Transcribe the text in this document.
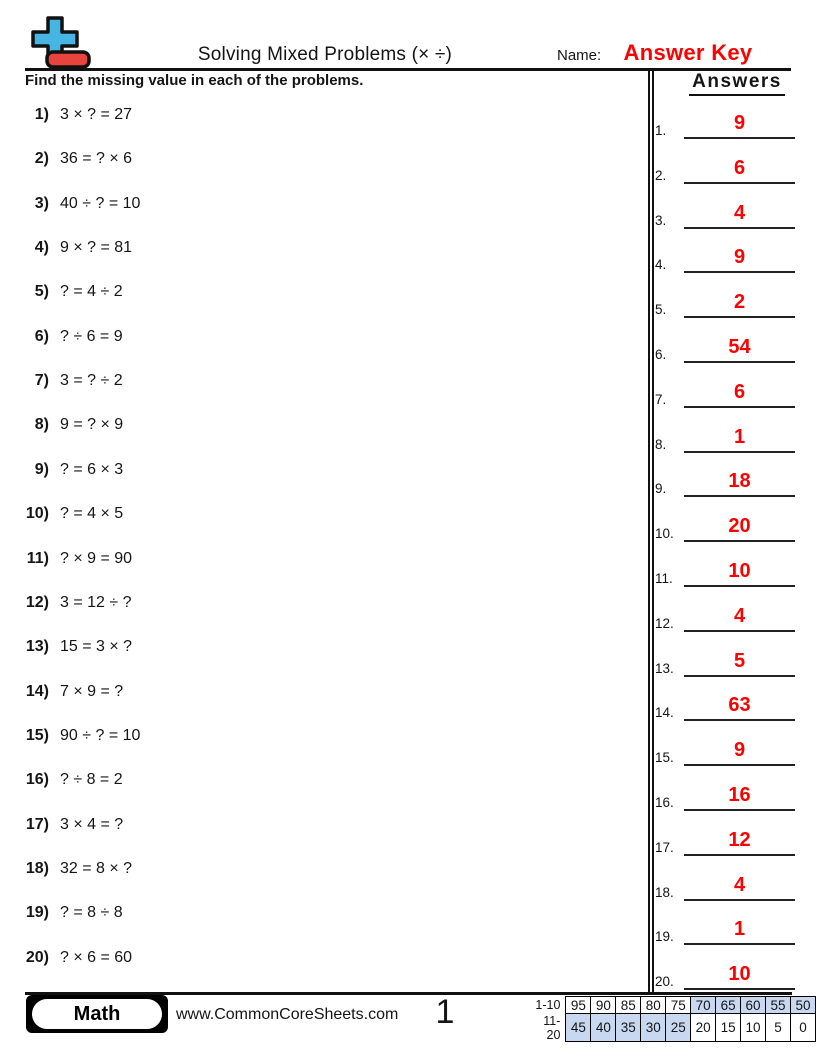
Solving Mixed Problems (× ÷)	Name: Answer Key
Find the missing value in each of the problems.
1) 3 × ? = 27
2) 36 = ? × 6
3) 40 ÷ ? = 10
4) 9 × ? = 81
5) ? = 4 ÷ 2
6) ? ÷ 6 = 9
7) 3 = ? ÷ 2
8) 9 = ? × 9
9) ? = 6 × 3
10) ? = 4 × 5
11) ? × 9 = 90
12) 3 = 12 ÷ ?
13) 15 = 3 × ?
14) 7 × 9 = ?
15) 90 ÷ ? = 10
16) ? ÷ 8 = 2
17) 3 × 4 = ?
18) 32 = 8 × ?
19) ? = 8 ÷ 8
20) ? × 6 = 60
Answers
1.	9
2.	6
3.	4
4.	9
5.	2
6.	54
7.	6
8.	1
9.	18
10.	20
11.	10
12.	4
13.	5
14.	63
15.	9
16.	16
17.	12
18.	4
19.	1
20.	10
Math	www.CommonCoreSheets.com	1	1-10	95	90	85	80	75	70	65	60	55	50
11-20	45	40	35	30	25	20	15	10	5	0
